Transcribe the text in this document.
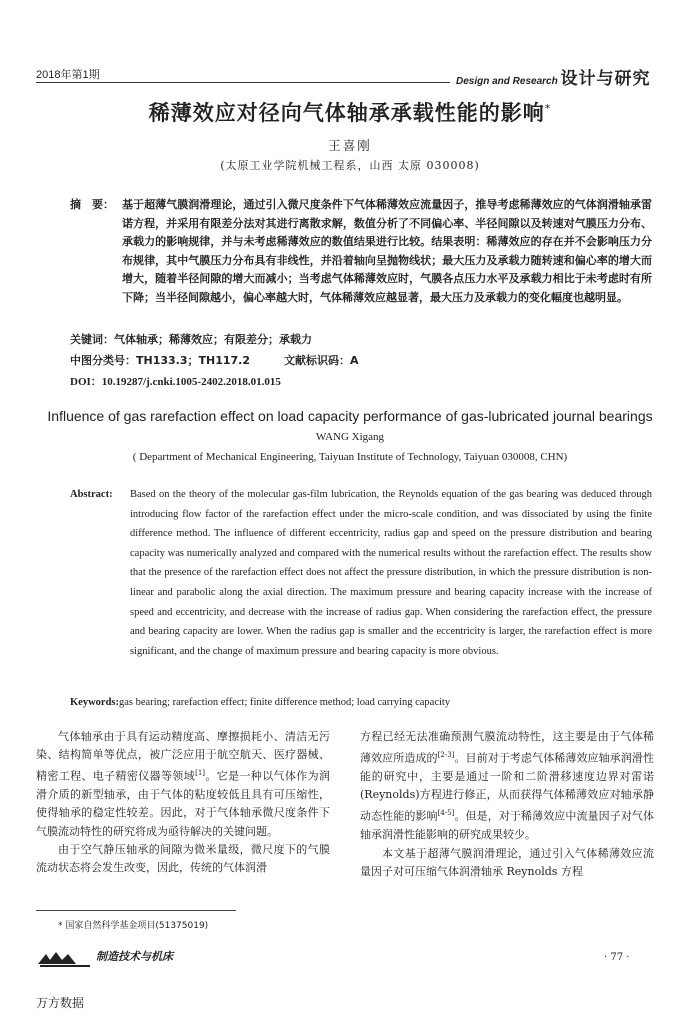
2018年第1期
Design and Research 设计与研究
稀薄效应对径向气体轴承承载性能的影响*
王喜刚
(太原工业学院机械工程系，山西 太原 030008)
摘　要： 基于超薄气膜润滑理论，通过引入微尺度条件下气体稀薄效应流量因子，推导考虑稀薄效应的气体润滑轴承雷诺方程，并采用有限差分法对其进行离散求解，数值分析了不同偏心率、半径间隙以及转速对气膜压力分布、承载力的影响规律，并与未考虑稀薄效应的数值结果进行比较。结果表明：稀薄效应的存在并不会影响压力分布规律，其中气膜压力分布具有非线性，并沿着轴向呈抛物线状；最大压力及承载力随转速和偏心率的增大而增大，随着半径间隙的增大而减小；当考虑气体稀薄效应时，气膜各点压力水平及承载力相比于未考虑时有所下降；当半径间隙越小，偏心率越大时，气体稀薄效应越显著，最大压力及承载力的变化幅度也越明显。
关键词：气体轴承；稀薄效应；有限差分；承载力
中图分类号：TH133.3；TH117.2	文献标识码：A
DOI：10.19287/j.cnki.1005-2402.2018.01.015
Influence of gas rarefaction effect on load capacity performance of gas-lubricated journal bearings
WANG Xigang
( Department of Mechanical Engineering, Taiyuan Institute of Technology, Taiyuan 030008, CHN)
Abstract: Based on the theory of the molecular gas-film lubrication, the Reynolds equation of the gas bearing was deduced through introducing flow factor of the rarefaction effect under the micro-scale condition, and was dissociated by using the finite difference method. The influence of different eccentricity, radius gap and speed on the pressure distribution and bearing capacity was numerically analyzed and compared with the numerical results without the rarefaction effect. The results show that the presence of the rarefaction effect does not affect the pressure distribution, in which the pressure distribution is non-linear and parabolic along the axial direction. The maximum pressure and bearing capacity increase with the increase of speed and eccentricity, and decrease with the increase of radius gap. When considering the rarefaction effect, the pressure and bearing capacity are lower. When the radius gap is smaller and the eccentricity is larger, the rarefaction effect is more significant, and the change of maximum pressure and bearing capacity is more obvious.
Keywords:gas bearing; rarefaction effect; finite difference method; load carrying capacity

气体轴承由于具有运动精度高、摩擦损耗小、清洁无污染、结构简单等优点，被广泛应用于航空航天、医疗器械、精密工程、电子精密仪器等领域[1]。它是一种以气体作为润滑介质的新型轴承，由于气体的粘度较低且具有可压缩性，使得轴承的稳定性较差。因此，对于气体轴承微尺度条件下气膜流动特性的研究将成为亟待解决的关键问题。

由于空气静压轴承的间隙为微米量级，微尺度下的气膜流动状态将会发生改变，因此，传统的气体润滑

方程已经无法准确预测气膜流动特性，这主要是由于气体稀薄效应所造成的[2-3]。目前对于考虑气体稀薄效应轴承润滑性能的研究中，主要是通过一阶和二阶滑移速度边界对雷诺(Reynolds)方程进行修正，从而获得气体稀薄效应对轴承静动态性能的影响[4-5]。但是，对于稀薄效应中流量因子对气体轴承润滑性能影响的研究成果较少。

本文基于超薄气膜润滑理论，通过引入气体稀薄效应流量因子对可压缩气体润滑轴承 Reynolds 方程

* 国家自然科学基金项目(51375019)
制造技术与机床	· 77 ·
万方数据
